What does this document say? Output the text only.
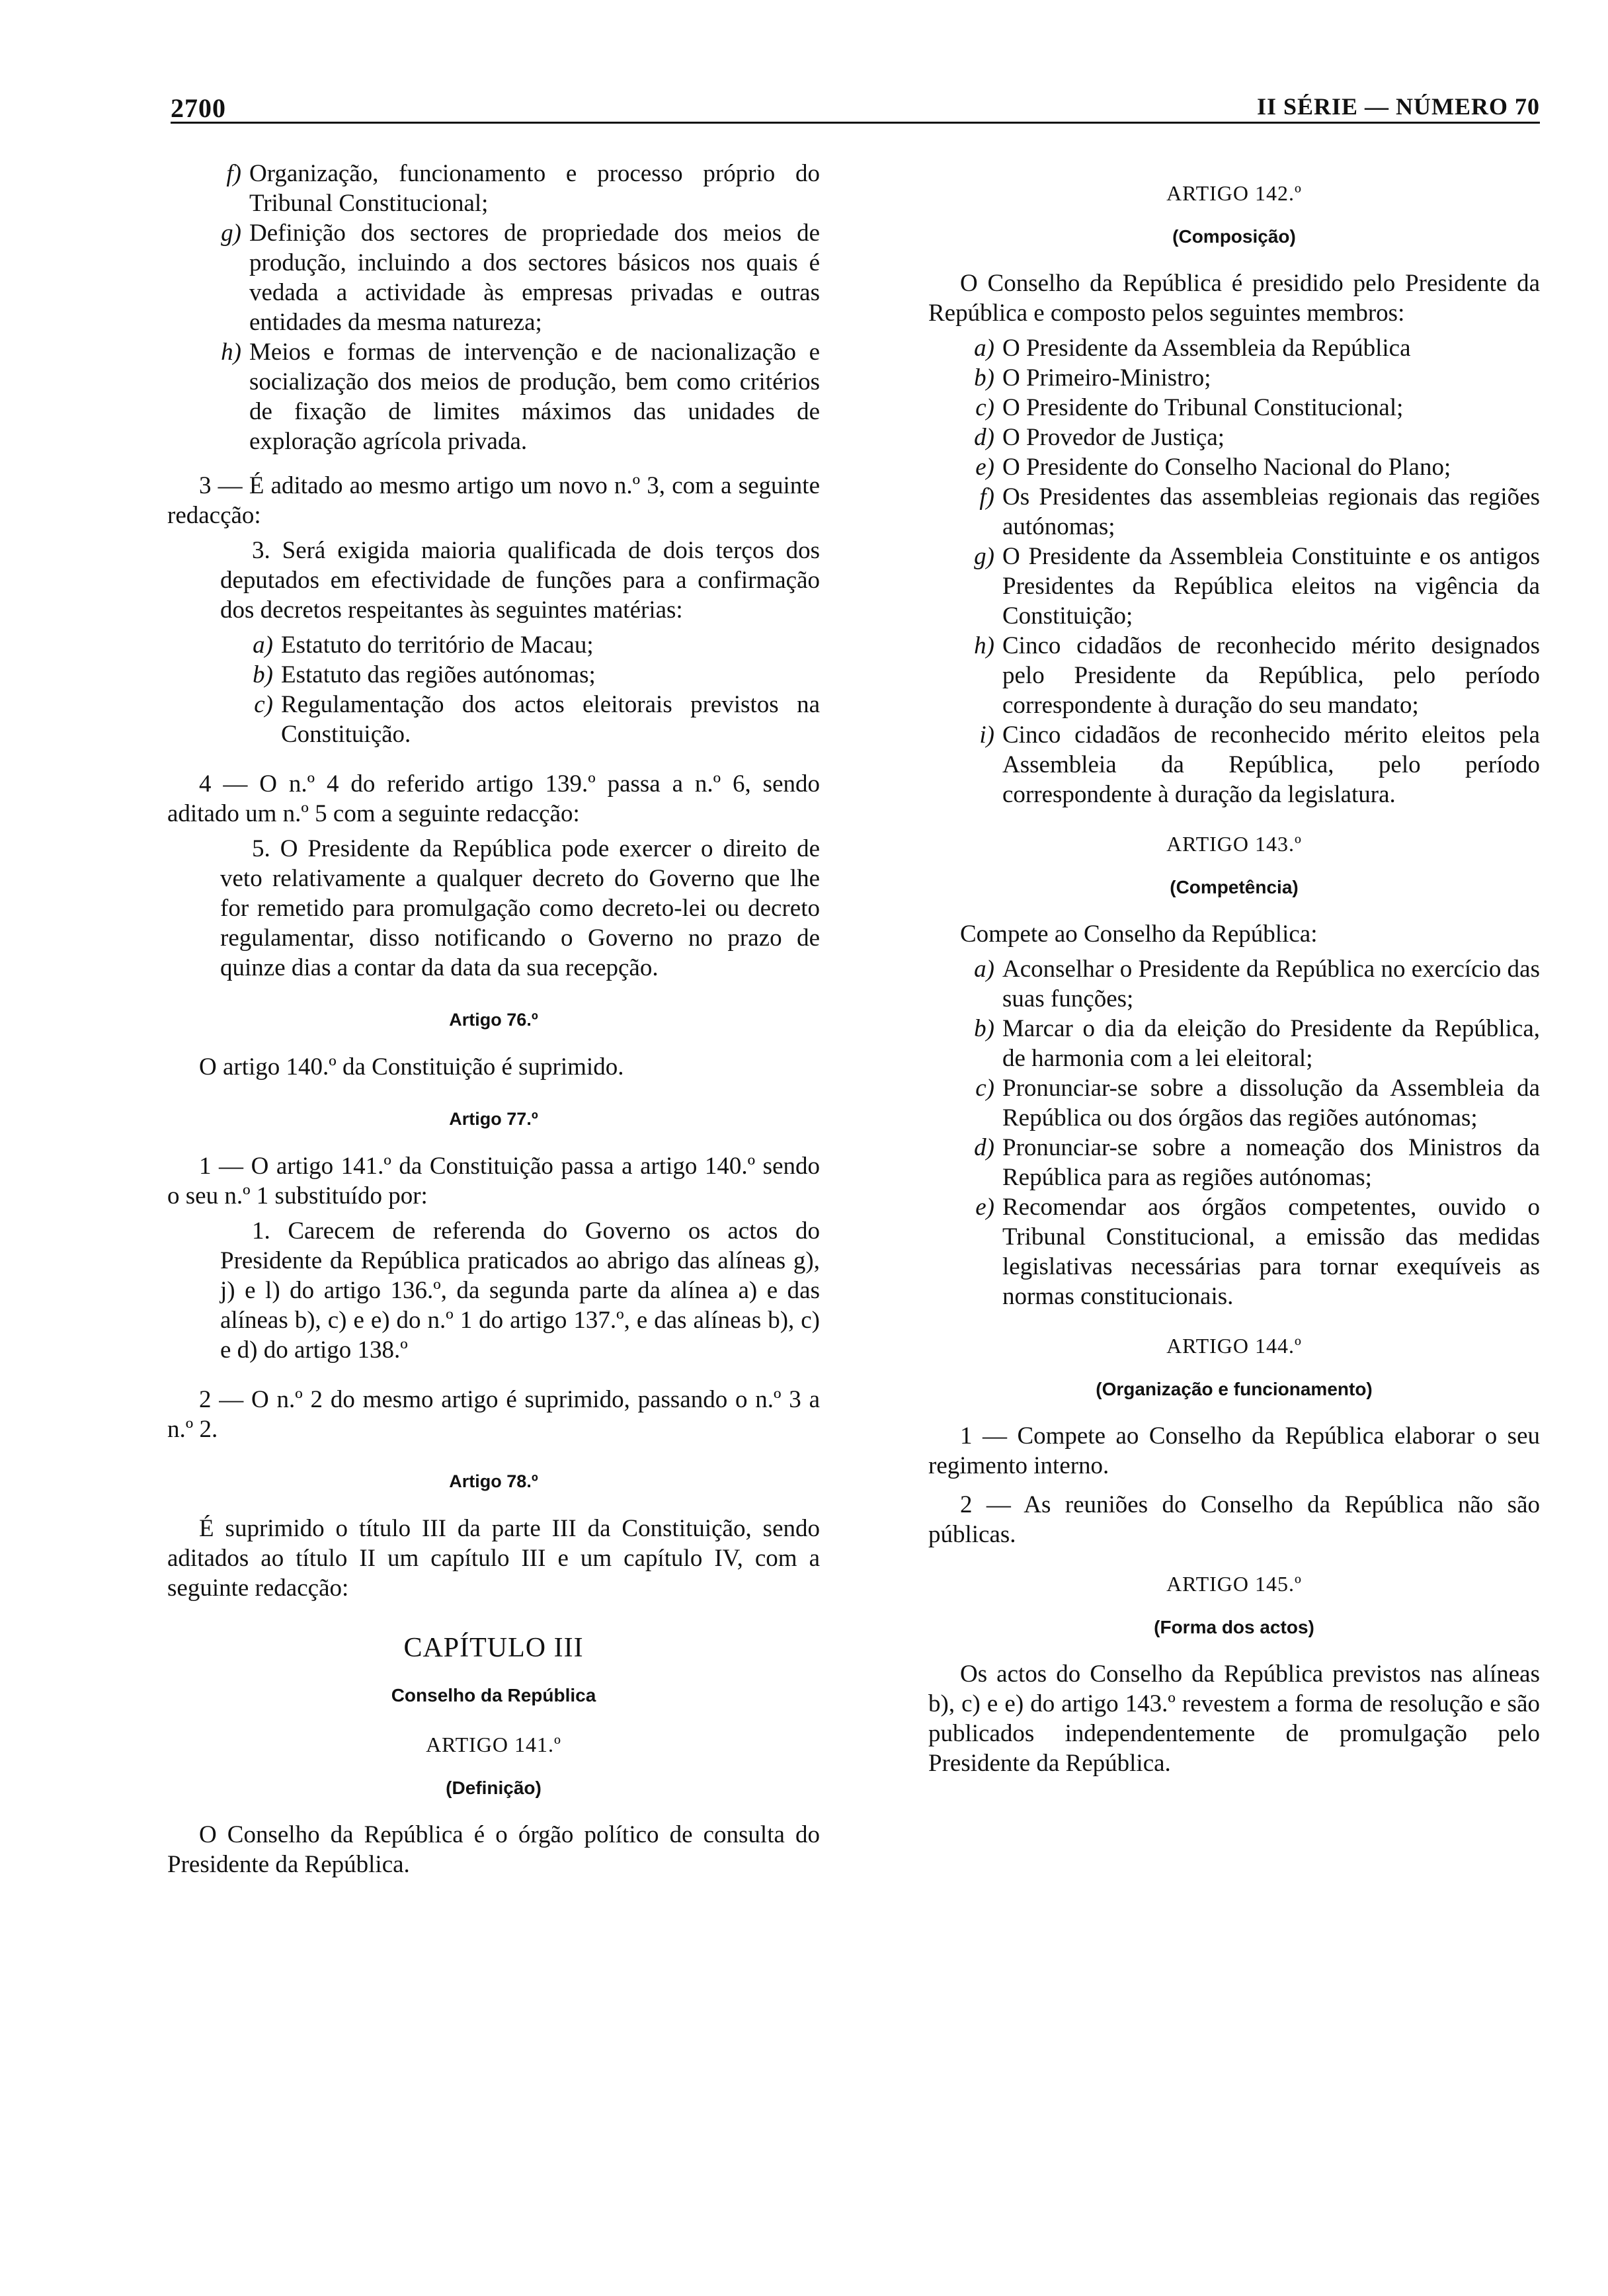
2700	II SÉRIE — NÚMERO 70
f) Organização, funcionamento e processo próprio do Tribunal Constitucional;
g) Definição dos sectores de propriedade dos meios de produção, incluindo a dos sectores básicos nos quais é vedada a actividade às empresas privadas e outras entidades da mesma natureza;
h) Meios e formas de intervenção e de nacionalização e socialização dos meios de produção, bem como critérios de fixação de limites máximos das unidades de exploração agrícola privada.

3 — É aditado ao mesmo artigo um novo n.º 3, com a seguinte redacção:

3. Será exigida maioria qualificada de dois terços dos deputados em efectividade de funções para a confirmação dos decretos respeitantes às seguintes matérias:

a) Estatuto do território de Macau;
b) Estatuto das regiões autónomas;
c) Regulamentação dos actos eleitorais previstos na Constituição.

4 — O n.º 4 do referido artigo 139.º passa a n.º 6, sendo aditado um n.º 5 com a seguinte redacção:

5. O Presidente da República pode exercer o direito de veto relativamente a qualquer decreto do Governo que lhe for remetido para promulgação como decreto-lei ou decreto regulamentar, disso notificando o Governo no prazo de quinze dias a contar da data da sua recepção.

Artigo 76.º

O artigo 140.º da Constituição é suprimido.

Artigo 77.º

1 — O artigo 141.º da Constituição passa a artigo 140.º sendo o seu n.º 1 substituído por:

1. Carecem de referenda do Governo os actos do Presidente da República praticados ao abrigo das alíneas g), j) e l) do artigo 136.º, da segunda parte da alínea a) e das alíneas b), c) e e) do n.º 1 do artigo 137.º, e das alíneas b), c) e d) do artigo 138.º

2 — O n.º 2 do mesmo artigo é suprimido, passando o n.º 3 a n.º 2.

Artigo 78.º

É suprimido o título III da parte III da Constituição, sendo aditados ao título II um capítulo III e um capítulo IV, com a seguinte redacção:

CAPÍTULO III

Conselho da República

ARTIGO 141.º

(Definição)

O Conselho da República é o órgão político de consulta do Presidente da República.

ARTIGO 142.º

(Composição)

O Conselho da República é presidido pelo Presidente da República e composto pelos seguintes membros:

a) O Presidente da Assembleia da República
b) O Primeiro-Ministro;
c) O Presidente do Tribunal Constitucional;
d) O Provedor de Justiça;
e) O Presidente do Conselho Nacional do Plano;
f) Os Presidentes das assembleias regionais das regiões autónomas;
g) O Presidente da Assembleia Constituinte e os antigos Presidentes da República eleitos na vigência da Constituição;
h) Cinco cidadãos de reconhecido mérito designados pelo Presidente da República, pelo período correspondente à duração do seu mandato;
i) Cinco cidadãos de reconhecido mérito eleitos pela Assembleia da República, pelo período correspondente à duração da legislatura.

ARTIGO 143.º

(Competência)

Compete ao Conselho da República:

a) Aconselhar o Presidente da República no exercício das suas funções;
b) Marcar o dia da eleição do Presidente da República, de harmonia com a lei eleitoral;
c) Pronunciar-se sobre a dissolução da Assembleia da República ou dos órgãos das regiões autónomas;
d) Pronunciar-se sobre a nomeação dos Ministros da República para as regiões autónomas;
e) Recomendar aos órgãos competentes, ouvido o Tribunal Constitucional, a emissão das medidas legislativas necessárias para tornar exequíveis as normas constitucionais.

ARTIGO 144.º

(Organização e funcionamento)

1 — Compete ao Conselho da República elaborar o seu regimento interno.

2 — As reuniões do Conselho da República não são públicas.

ARTIGO 145.º

(Forma dos actos)

Os actos do Conselho da República previstos nas alíneas b), c) e e) do artigo 143.º revestem a forma de resolução e são publicados independentemente de promulgação pelo Presidente da República.
